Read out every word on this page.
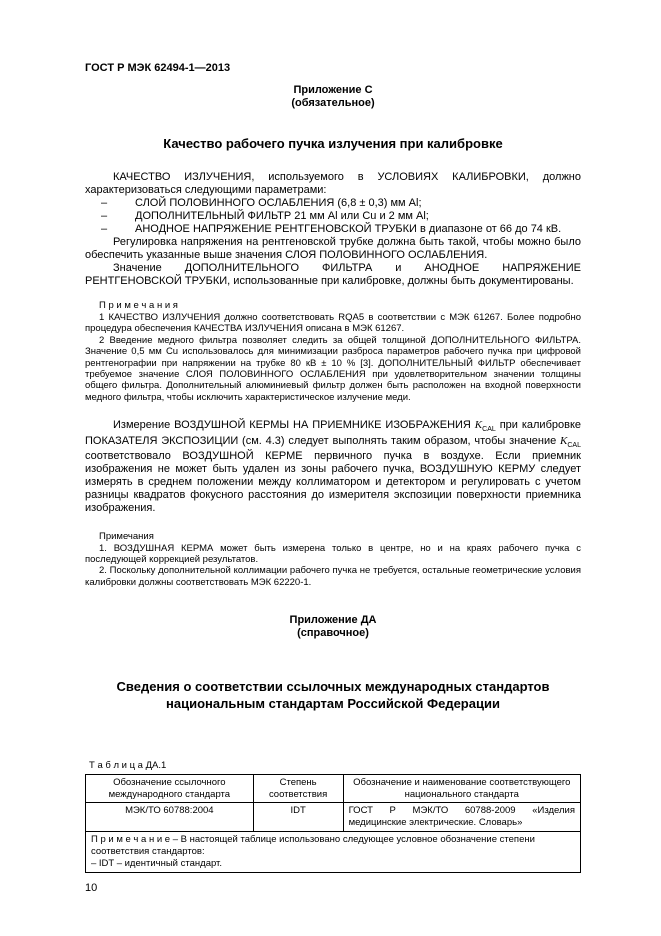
ГОСТ Р МЭК 62494-1—2013
Приложение С
(обязательное)
Качество рабочего пучка излучения при калибровке

КАЧЕСТВО ИЗЛУЧЕНИЯ, используемого в УСЛОВИЯХ КАЛИБРОВКИ, должно характеризоваться следующими параметрами:

–	СЛОЙ ПОЛОВИННОГО ОСЛАБЛЕНИЯ (6,8 ± 0,3) мм Al;
–	ДОПОЛНИТЕЛЬНЫЙ ФИЛЬТР 21 мм Al или Cu и 2 мм Al;
–	АНОДНОЕ НАПРЯЖЕНИЕ РЕНТГЕНОВСКОЙ ТРУБКИ в диапазоне от 66 до 74 кВ.

Регулировка напряжения на рентгеновской трубке должна быть такой, чтобы можно было обеспечить указанные выше значения СЛОЯ ПОЛОВИННОГО ОСЛАБЛЕНИЯ.

Значение ДОПОЛНИТЕЛЬНОГО ФИЛЬТРА и АНОДНОЕ НАПРЯЖЕНИЕ РЕНТГЕНОВСКОЙ ТРУБКИ, использованные при калибровке, должны быть документированы.

П р и м е ч а н и я

1 КАЧЕСТВО ИЗЛУЧЕНИЯ должно соответствовать RQA5 в соответствии с МЭК 61267. Более подробно процедура обеспечения КАЧЕСТВА ИЗЛУЧЕНИЯ описана в МЭК 61267.

2 Введение медного фильтра позволяет следить за общей толщиной ДОПОЛНИТЕЛЬНОГО ФИЛЬТРА. Значение 0,5 мм Cu использовалось для минимизации разброса параметров рабочего пучка при цифровой рентгенографии при напряжении на трубке 80 кВ ± 10 % [3]. ДОПОЛНИТЕЛЬНЫЙ ФИЛЬТР обеспечивает требуемое значение СЛОЯ ПОЛОВИННОГО ОСЛАБЛЕНИЯ при удовлетворительном значении толщины общего фильтра. Дополнительный алюминиевый фильтр должен быть расположен на входной поверхности медного фильтра, чтобы исключить характеристическое излучение меди.

Измерение ВОЗДУШНОЙ КЕРМЫ НА ПРИЕМНИКЕ ИЗОБРАЖЕНИЯ $K_{CAL}$ при калибровке ПОКАЗАТЕЛЯ ЭКСПОЗИЦИИ (см. 4.3) следует выполнять таким образом, чтобы значение $K_{CAL}$ соответствовало ВОЗДУШНОЙ КЕРМЕ первичного пучка в воздухе. Если приемник изображения не может быть удален из зоны рабочего пучка, ВОЗДУШНУЮ КЕРМУ следует измерять в среднем положении между коллиматором и детектором и регулировать с учетом разницы квадратов фокусного расстояния до измерителя экспозиции поверхности приемника изображения.

Примечания

1. ВОЗДУШНАЯ КЕРМА может быть измерена только в центре, но и на краях рабочего пучка с последующей коррекцией результатов.

2. Поскольку дополнительной коллимации рабочего пучка не требуется, остальные геометрические условия калибровки должны соответствовать МЭК 62220-1.

Приложение ДА
(справочное)
Сведения о соответствии ссылочных международных стандартов
национальным стандартам Российской Федерации
Т а б л и ц а ДА.1
Обозначение ссылочного международного стандарта	Степень соответствия	Обозначение и наименование соответствующего национального стандарта
МЭК/ТО 60788:2004	IDT	ГОСТ Р МЭК/ТО 60788-2009 «Изделия медицинские электрические. Словарь»

П р и м е ч а н и е – В настоящей таблице использовано следующее условное обозначение степени соответствия стандартов:
– IDT – идентичный стандарт.		
10
